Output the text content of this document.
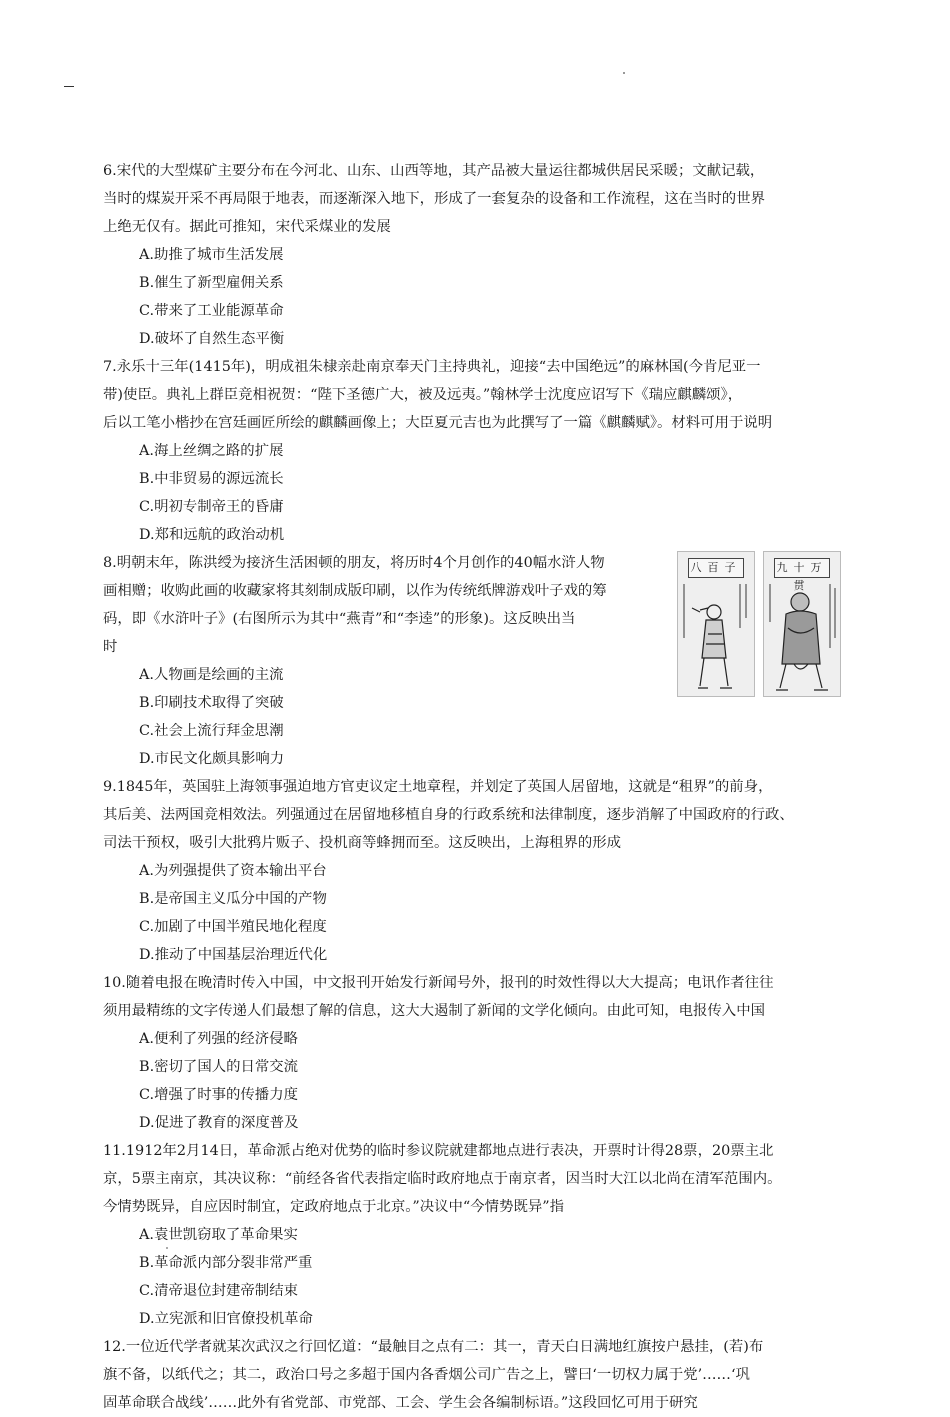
6.宋代的大型煤矿主要分布在今河北、山东、山西等地，其产品被大量运往都城供居民采暖；文献记载，
当时的煤炭开采不再局限于地表，而逐渐深入地下，形成了一套复杂的设备和工作流程，这在当时的世界
上绝无仅有。据此可推知，宋代采煤业的发展
A.助推了城市生活发展
B.催生了新型雇佣关系
C.带来了工业能源革命
D.破坏了自然生态平衡
7.永乐十三年(1415年)，明成祖朱棣亲赴南京奉天门主持典礼，迎接“去中国绝远”的麻林国(今肯尼亚一
带)使臣。典礼上群臣竞相祝贺：“陛下圣德广大，被及远夷。”翰林学士沈度应诏写下《瑞应麒麟颂》，
后以工笔小楷抄在宫廷画匠所绘的麒麟画像上；大臣夏元吉也为此撰写了一篇《麒麟赋》。材料可用于说明
A.海上丝绸之路的扩展
B.中非贸易的源远流长
C.明初专制帝王的昏庸
D.郑和远航的政治动机
8.明朝末年，陈洪绶为接济生活困顿的朋友，将历时4个月创作的40幅水浒人物
画相赠；收购此画的收藏家将其刻制成版印刷，以作为传统纸牌游戏叶子戏的筹
码，即《水浒叶子》(右图所示为其中“燕青”和“李逵”的形象)。这反映出当
时
A.人物画是绘画的主流
B.印刷技术取得了突破
C.社会上流行拜金思潮
D.市民文化颇具影响力
八百子	九十万贯
9.1845年，英国驻上海领事强迫地方官吏议定土地章程，并划定了英国人居留地，这就是“租界”的前身，
其后美、法两国竞相效法。列强通过在居留地移植自身的行政系统和法律制度，逐步消解了中国政府的行政、
司法干预权，吸引大批鸦片贩子、投机商等蜂拥而至。这反映出，上海租界的形成
A.为列强提供了资本输出平台
B.是帝国主义瓜分中国的产物
C.加剧了中国半殖民地化程度
D.推动了中国基层治理近代化
10.随着电报在晚清时传入中国，中文报刊开始发行新闻号外，报刊的时效性得以大大提高；电讯作者往往
须用最精练的文字传递人们最想了解的信息，这大大遏制了新闻的文学化倾向。由此可知，电报传入中国
A.便利了列强的经济侵略
B.密切了国人的日常交流
C.增强了时事的传播力度
D.促进了教育的深度普及
11.1912年2月14日，革命派占绝对优势的临时参议院就建都地点进行表决，开票时计得28票，20票主北
京，5票主南京，其决议称：“前经各省代表指定临时政府地点于南京者，因当时大江以北尚在清军范围内。
今情势既异，自应因时制宜，定政府地点于北京。”决议中“今情势既异”指
A.袁世凯窃取了革命果实
B.革命派内部分裂非常严重
C.清帝退位封建帝制结束
D.立宪派和旧官僚投机革命
12.一位近代学者就某次武汉之行回忆道：“最触目之点有二：其一，青天白日满地红旗按户悬挂，(若)布
旗不备，以纸代之；其二，政治口号之多超于国内各香烟公司广告之上，譬曰‘一切权力属于党’……‘巩
固革命联合战线’……此外有省党部、市党部、工会、学生会各编制标语。”这段回忆可用于研究
